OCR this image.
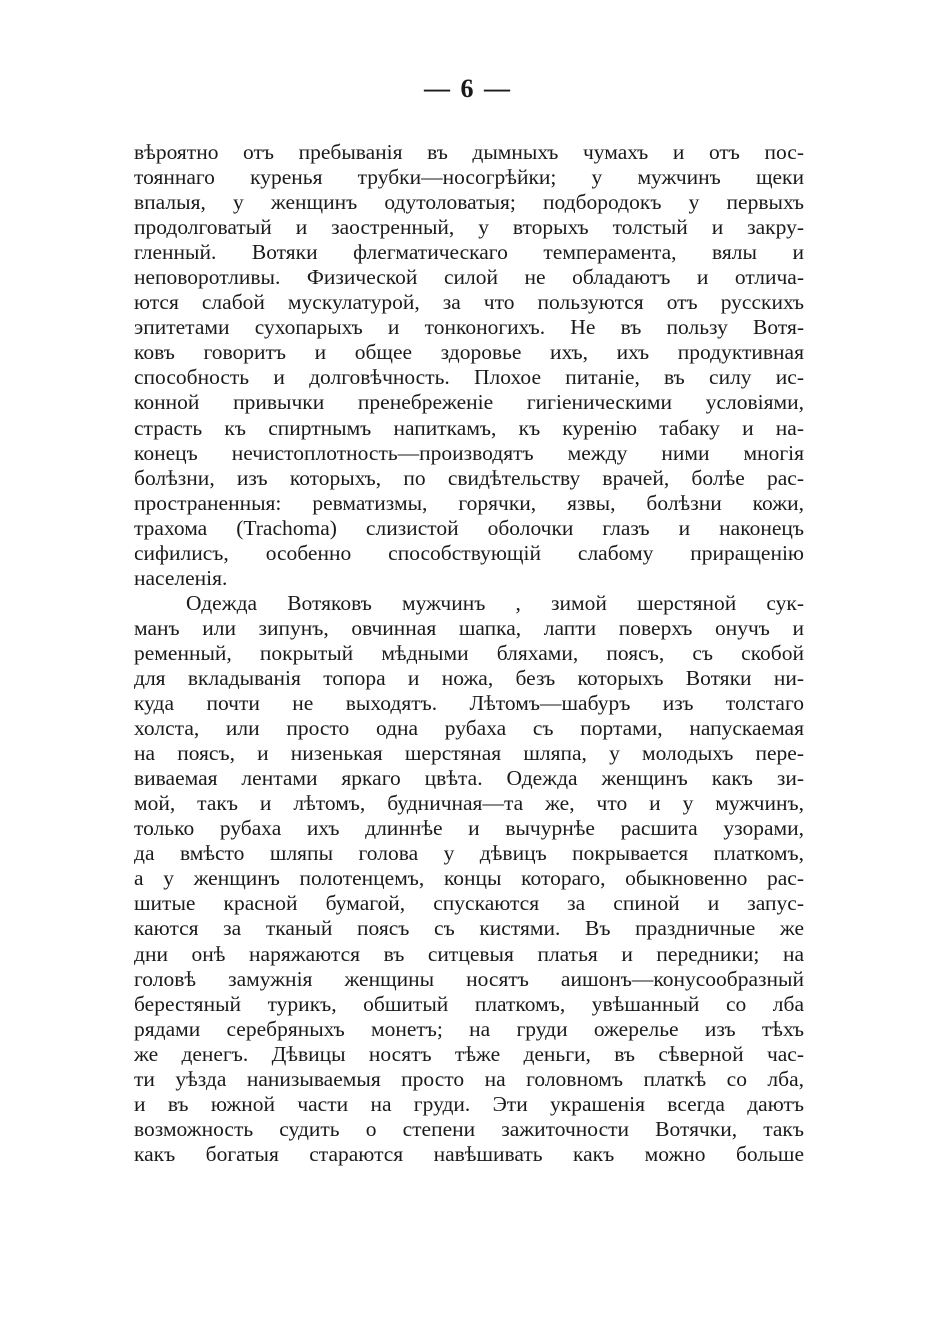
— 6 —
вѣроятно отъ пребыванія въ дымныхъ чумахъ и отъ пос-
тояннаго куренья трубки—носогрѣйки; у мужчинъ щеки
впалыя, у женщинъ одутоловатыя; подбородокъ у первыхъ
продолговатый и заостренный, у вторыхъ толстый и закру-
гленный. Вотяки флегматическаго темперамента, вялы и
неповоротливы. Физической силой не обладаютъ и отлича-
ются слабой мускулатурой, за что пользуются отъ русскихъ
эпитетами сухопарыхъ и тонконогихъ. Не въ пользу Вотя-
ковъ говоритъ и общее здоровье ихъ, ихъ продуктивная
способность и долговѣчность. Плохое питаніе, въ силу ис-
конной привычки пренебреженіе гигіеническими условіями,
страсть къ спиртнымъ напиткамъ, къ куренію табаку и на-
конецъ нечистоплотность—производятъ между ними многія
болѣзни, изъ которыхъ, по свидѣтельству врачей, болѣе рас-
пространенныя: ревматизмы, горячки, язвы, болѣзни кожи,
трахома (Trachoma) слизистой оболочки глазъ и наконецъ
сифилисъ, особенно способствующій слабому приращенію
населенія.
Одежда Вотяковъ мужчинъ , зимой шерстяной сук-
манъ или зипунъ, овчинная шапка, лапти поверхъ онучъ и
ременный, покрытый мѣдными бляхами, поясъ, съ скобой
для вкладыванія топора и ножа, безъ которыхъ Вотяки ни-
куда почти не выходятъ. Лѣтомъ—шабуръ изъ толстаго
холста, или просто одна рубаха съ портами, напускаемая
на поясъ, и низенькая шерстяная шляпа, у молодыхъ пере-
виваемая лентами яркаго цвѣта. Одежда женщинъ какъ зи-
мой, такъ и лѣтомъ, будничная—та же, что и у мужчинъ,
только рубаха ихъ длиннѣе и вычурнѣе расшита узорами,
да вмѣсто шляпы голова у дѣвицъ покрывается платкомъ,
а у женщинъ полотенцемъ, концы котораго, обыкновенно рас-
шитые красной бумагой, спускаются за спиной и запус-
каются за тканый поясъ съ кистями. Въ праздничные же
дни онѣ наряжаются въ ситцевыя платья и передники; на
головѣ замужнія женщины носятъ аишонъ—конусообразный
берестяный турикъ, обшитый платкомъ, увѣшанный со лба
рядами серебряныхъ монетъ; на груди ожерелье изъ тѣхъ
же денегъ. Дѣвицы носятъ тѣже деньги, въ сѣверной час-
ти уѣзда нанизываемыя просто на головномъ платкѣ со лба,
и въ южной части на груди. Эти украшенія всегда даютъ
возможность судить о степени зажиточности Вотячки, такъ
какъ богатыя стараются навѣшивать какъ можно больше
